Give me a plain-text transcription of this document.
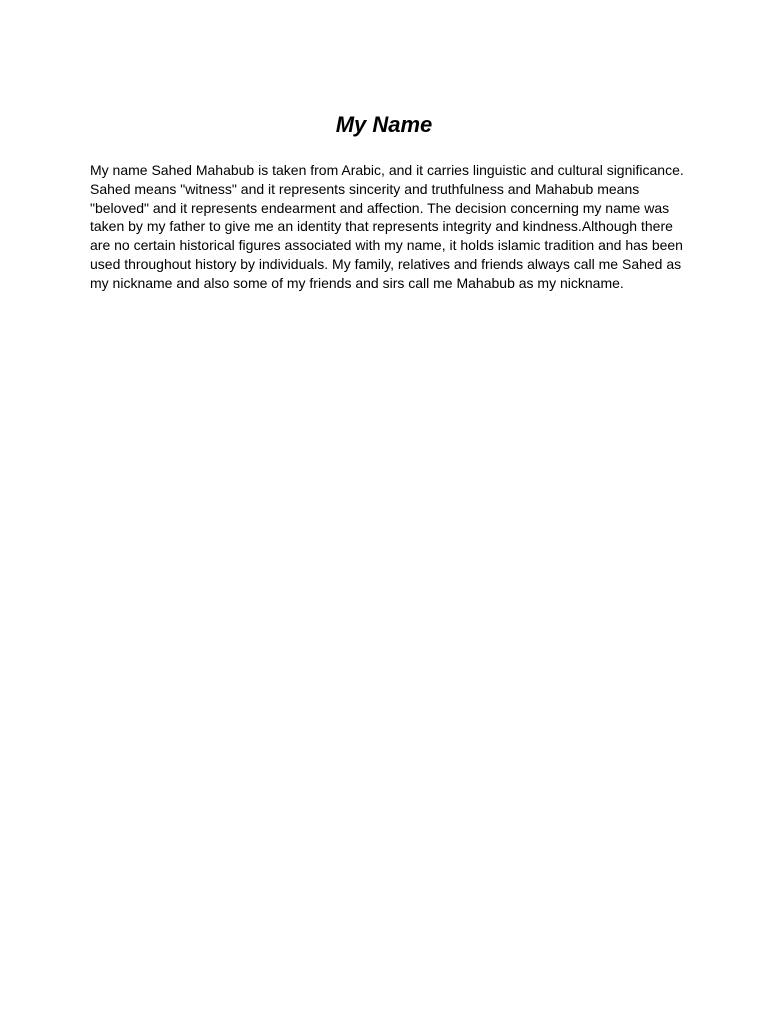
My Name

My name Sahed Mahabub is taken from Arabic, and it carries linguistic and cultural significance.
Sahed means "witness" and it represents sincerity and truthfulness and Mahabub means
"beloved" and it represents endearment and affection. The decision concerning my name was
taken by my father to give me an identity that represents integrity and kindness.Although there
are no certain historical figures associated with my name, it holds islamic tradition and has been
used throughout history by individuals. My family, relatives and friends always call me Sahed as
my nickname and also some of my friends and sirs call me Mahabub as my nickname.
